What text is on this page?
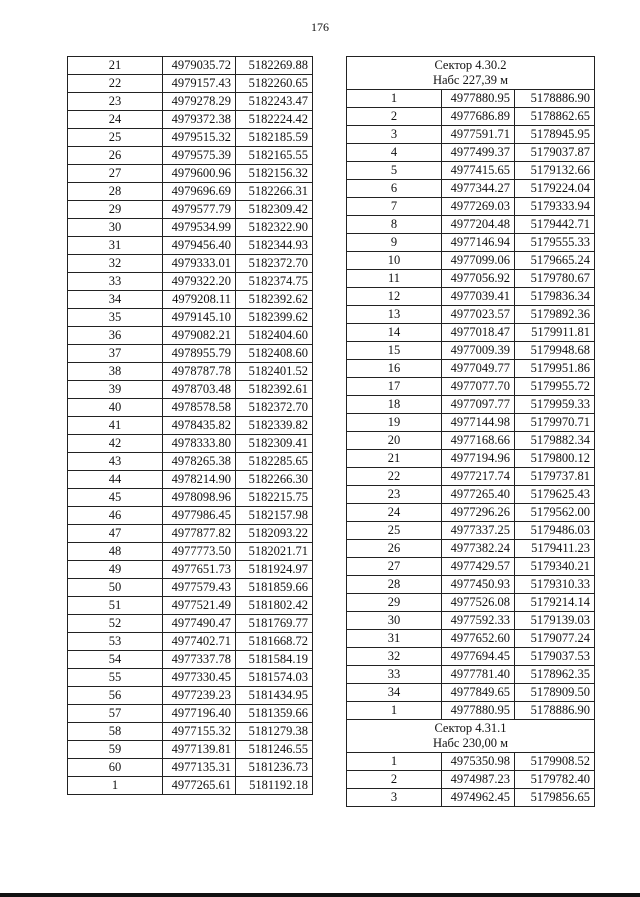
176
21	4979035.72	5182269.88
22	4979157.43	5182260.65
23	4979278.29	5182243.47
24	4979372.38	5182224.42
25	4979515.32	5182185.59
26	4979575.39	5182165.55
27	4979600.96	5182156.32
28	4979696.69	5182266.31
29	4979577.79	5182309.42
30	4979534.99	5182322.90
31	4979456.40	5182344.93
32	4979333.01	5182372.70
33	4979322.20	5182374.75
34	4979208.11	5182392.62
35	4979145.10	5182399.62
36	4979082.21	5182404.60
37	4978955.79	5182408.60
38	4978787.78	5182401.52
39	4978703.48	5182392.61
40	4978578.58	5182372.70
41	4978435.82	5182339.82
42	4978333.80	5182309.41
43	4978265.38	5182285.65
44	4978214.90	5182266.30
45	4978098.96	5182215.75
46	4977986.45	5182157.98
47	4977877.82	5182093.22
48	4977773.50	5182021.71
49	4977651.73	5181924.97
50	4977579.43	5181859.66
51	4977521.49	5181802.42
52	4977490.47	5181769.77
53	4977402.71	5181668.72
54	4977337.78	5181584.19
55	4977330.45	5181574.03
56	4977239.23	5181434.95
57	4977196.40	5181359.66
58	4977155.32	5181279.38
59	4977139.81	5181246.55
60	4977135.31	5181236.73
1	4977265.61	5181192.18
Сектор 4.30.2
Набс 227,39 м		

1	4977880.95	5178886.90
2	4977686.89	5178862.65
3	4977591.71	5178945.95
4	4977499.37	5179037.87
5	4977415.65	5179132.66
6	4977344.27	5179224.04
7	4977269.03	5179333.94
8	4977204.48	5179442.71
9	4977146.94	5179555.33
10	4977099.06	5179665.24
11	4977056.92	5179780.67
12	4977039.41	5179836.34
13	4977023.57	5179892.36
14	4977018.47	5179911.81
15	4977009.39	5179948.68
16	4977049.77	5179951.86
17	4977077.70	5179955.72
18	4977097.77	5179959.33
19	4977144.98	5179970.71
20	4977168.66	5179882.34
21	4977194.96	5179800.12
22	4977217.74	5179737.81
23	4977265.40	5179625.43
24	4977296.26	5179562.00
25	4977337.25	5179486.03
26	4977382.24	5179411.23
27	4977429.57	5179340.21
28	4977450.93	5179310.33
29	4977526.08	5179214.14
30	4977592.33	5179139.03
31	4977652.60	5179077.24
32	4977694.45	5179037.53
33	4977781.40	5178962.35
34	4977849.65	5178909.50
1	4977880.95	5178886.90

Сектор 4.31.1
Набс 230,00 м		

1	4975350.98	5179908.52
2	4974987.23	5179782.40
3	4974962.45	5179856.65
